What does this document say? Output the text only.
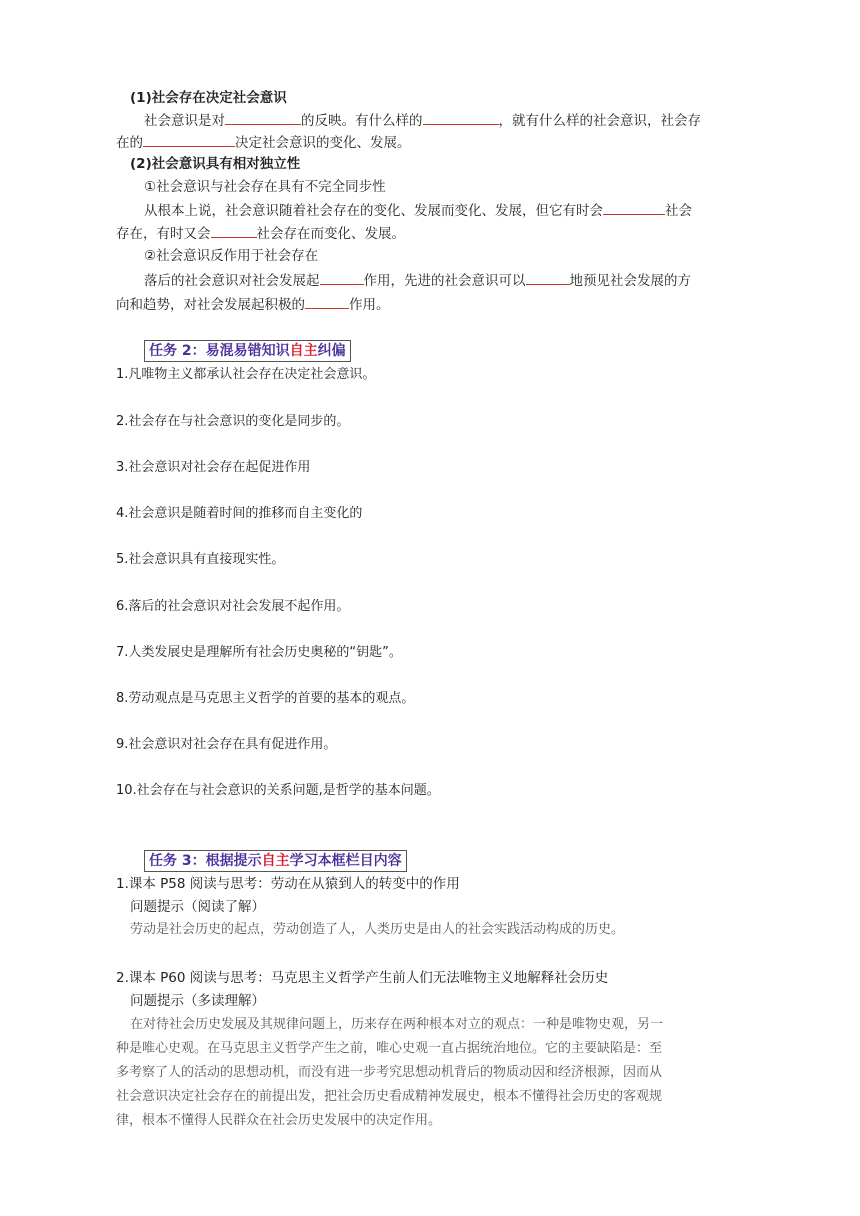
(1)社会存在决定社会意识
社会意识是对	的反映。有什么样的	，就有什么样的社会意识，社会存
在的	决定社会意识的变化、发展。
(2)社会意识具有相对独立性
①社会意识与社会存在具有不完全同步性
从根本上说，社会意识随着社会存在的变化、发展而变化、发展，但它有时会	社会
存在，有时又会	社会存在而变化、发展。
②社会意识反作用于社会存在
落后的社会意识对社会发展起	作用，先进的社会意识可以	地预见社会发展的方
向和趋势，对社会发展起积极的	作用。
任务 2：易混易错知识自主纠偏
1.凡唯物主义都承认社会存在决定社会意识。
2.社会存在与社会意识的变化是同步的。
3.社会意识对社会存在起促进作用
4.社会意识是随着时间的推移而自主变化的
5.社会意识具有直接现实性。
6.落后的社会意识对社会发展不起作用。
7.人类发展史是理解所有社会历史奥秘的“钥匙”。
8.劳动观点是马克思主义哲学的首要的基本的观点。
9.社会意识对社会存在具有促进作用。
10.社会存在与社会意识的关系问题,是哲学的基本问题。
任务 3：根据提示自主学习本框栏目内容
1.课本 P58 阅读与思考：劳动在从猿到人的转变中的作用
问题提示（阅读了解）
劳动是社会历史的起点，劳动创造了人，人类历史是由人的社会实践活动构成的历史。
2.课本 P60 阅读与思考：马克思主义哲学产生前人们无法唯物主义地解释社会历史
问题提示（多读理解）
在对待社会历史发展及其规律问题上，历来存在两种根本对立的观点：一种是唯物史观，另一
种是唯心史观。在马克思主义哲学产生之前，唯心史观一直占据统治地位。它的主要缺陷是：至
多考察了人的活动的思想动机，而没有进一步考究思想动机背后的物质动因和经济根源，因而从
社会意识决定社会存在的前提出发，把社会历史看成精神发展史，根本不懂得社会历史的客观规
律，根本不懂得人民群众在社会历史发展中的决定作用。
